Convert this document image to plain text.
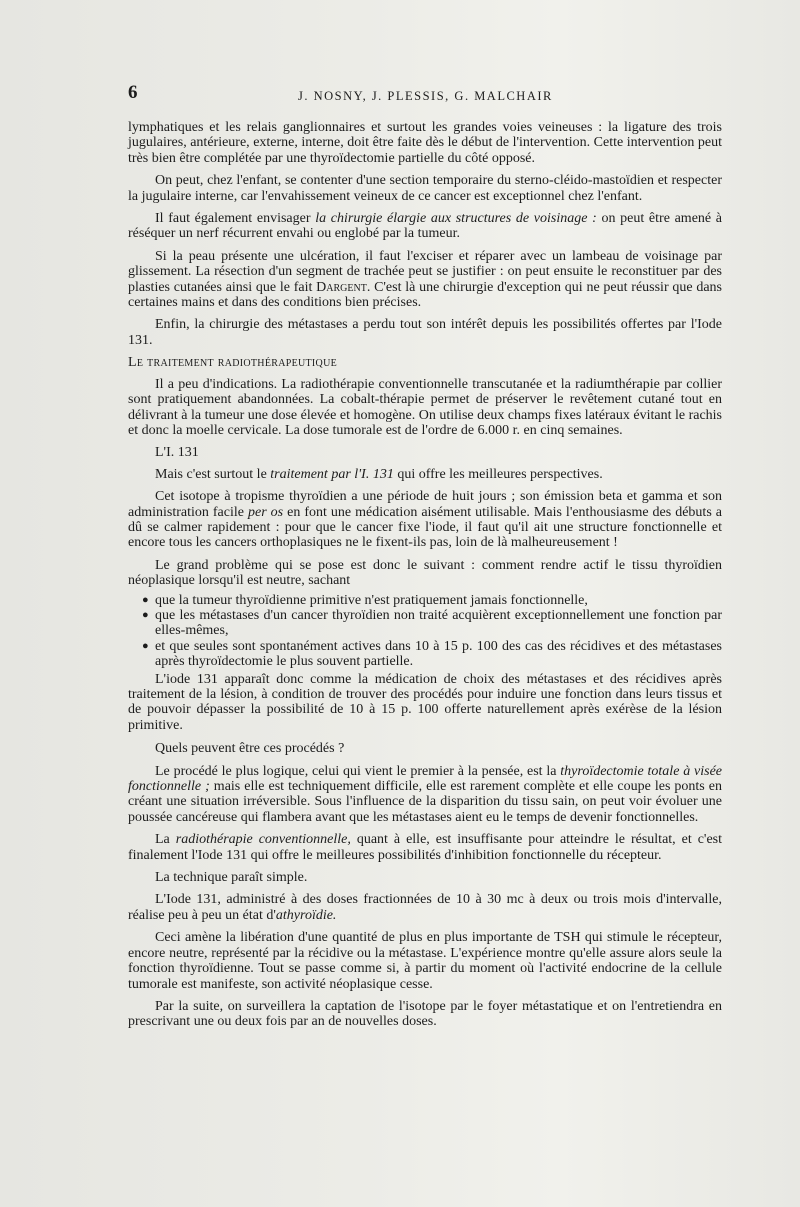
6	J. NOSNY, J. PLESSIS, G. MALCHAIR

lymphatiques et les relais ganglionnaires et surtout les grandes voies veineuses : la ligature des trois jugulaires, antérieure, externe, interne, doit être faite dès le début de l'intervention. Cette intervention peut très bien être complétée par une thyroïdectomie partielle du côté opposé.

On peut, chez l'enfant, se contenter d'une section temporaire du sterno-cléido-mastoïdien et respecter la jugulaire interne, car l'envahissement veineux de ce cancer est exceptionnel chez l'enfant.

Il faut également envisager la chirurgie élargie aux structures de voisinage : on peut être amené à réséquer un nerf récurrent envahi ou englobé par la tumeur.

Si la peau présente une ulcération, il faut l'exciser et réparer avec un lambeau de voisinage par glissement. La résection d'un segment de trachée peut se justifier : on peut ensuite le reconstituer par des plasties cutanées ainsi que le fait Dargent. C'est là une chirurgie d'exception qui ne peut réussir que dans certaines mains et dans des conditions bien précises.

Enfin, la chirurgie des métastases a perdu tout son intérêt depuis les possibilités offertes par l'Iode 131.

Le traitement radiothérapeutique

Il a peu d'indications. La radiothérapie conventionnelle transcutanée et la radiumthérapie par collier sont pratiquement abandonnées. La cobalt-thérapie permet de préserver le revêtement cutané tout en délivrant à la tumeur une dose élevée et homogène. On utilise deux champs fixes latéraux évitant le rachis et donc la moelle cervicale. La dose tumorale est de l'ordre de 6.000 r. en cinq semaines.

L'I. 131

Mais c'est surtout le traitement par l'I. 131 qui offre les meilleures perspectives.

Cet isotope à tropisme thyroïdien a une période de huit jours ; son émission beta et gamma et son administration facile per os en font une médication aisément utilisable. Mais l'enthousiasme des débuts a dû se calmer rapidement : pour que le cancer fixe l'iode, il faut qu'il ait une structure fonctionnelle et encore tous les cancers orthoplasiques ne le fixent-ils pas, loin de là malheureusement !

Le grand problème qui se pose est donc le suivant : comment rendre actif le tissu thyroïdien néoplasique lorsqu'il est neutre, sachant

● que la tumeur thyroïdienne primitive n'est pratiquement jamais fonctionnelle,
● que les métastases d'un cancer thyroïdien non traité acquièrent exceptionnellement une fonction par elles-mêmes,
● et que seules sont spontanément actives dans 10 à 15 p. 100 des cas des récidives et des métastases après thyroïdectomie le plus souvent partielle.

L'iode 131 apparaît donc comme la médication de choix des métastases et des récidives après traitement de la lésion, à condition de trouver des procédés pour induire une fonction dans leurs tissus et de pouvoir dépasser la possibilité de 10 à 15 p. 100 offerte naturellement après exérèse de la lésion primitive.

Quels peuvent être ces procédés ?

Le procédé le plus logique, celui qui vient le premier à la pensée, est la thyroïdectomie totale à visée fonctionnelle ; mais elle est techniquement difficile, elle est rarement complète et elle coupe les ponts en créant une situation irréversible. Sous l'influence de la disparition du tissu sain, on peut voir évoluer une poussée cancéreuse qui flambera avant que les métastases aient eu le temps de devenir fonctionnelles.

La radiothérapie conventionnelle, quant à elle, est insuffisante pour atteindre le résultat, et c'est finalement l'Iode 131 qui offre le meilleures possibilités d'inhibition fonctionnelle du récepteur.

La technique paraît simple.

L'Iode 131, administré à des doses fractionnées de 10 à 30 mc à deux ou trois mois d'intervalle, réalise peu à peu un état d'athyroïdie.

Ceci amène la libération d'une quantité de plus en plus importante de TSH qui stimule le récepteur, encore neutre, représenté par la récidive ou la métastase. L'expérience montre qu'elle assure alors seule la fonction thyroïdienne. Tout se passe comme si, à partir du moment où l'activité endocrine de la cellule tumorale est manifeste, son activité néoplasique cesse.

Par la suite, on surveillera la captation de l'isotope par le foyer métastatique et on l'entretiendra en prescrivant une ou deux fois par an de nouvelles doses.
